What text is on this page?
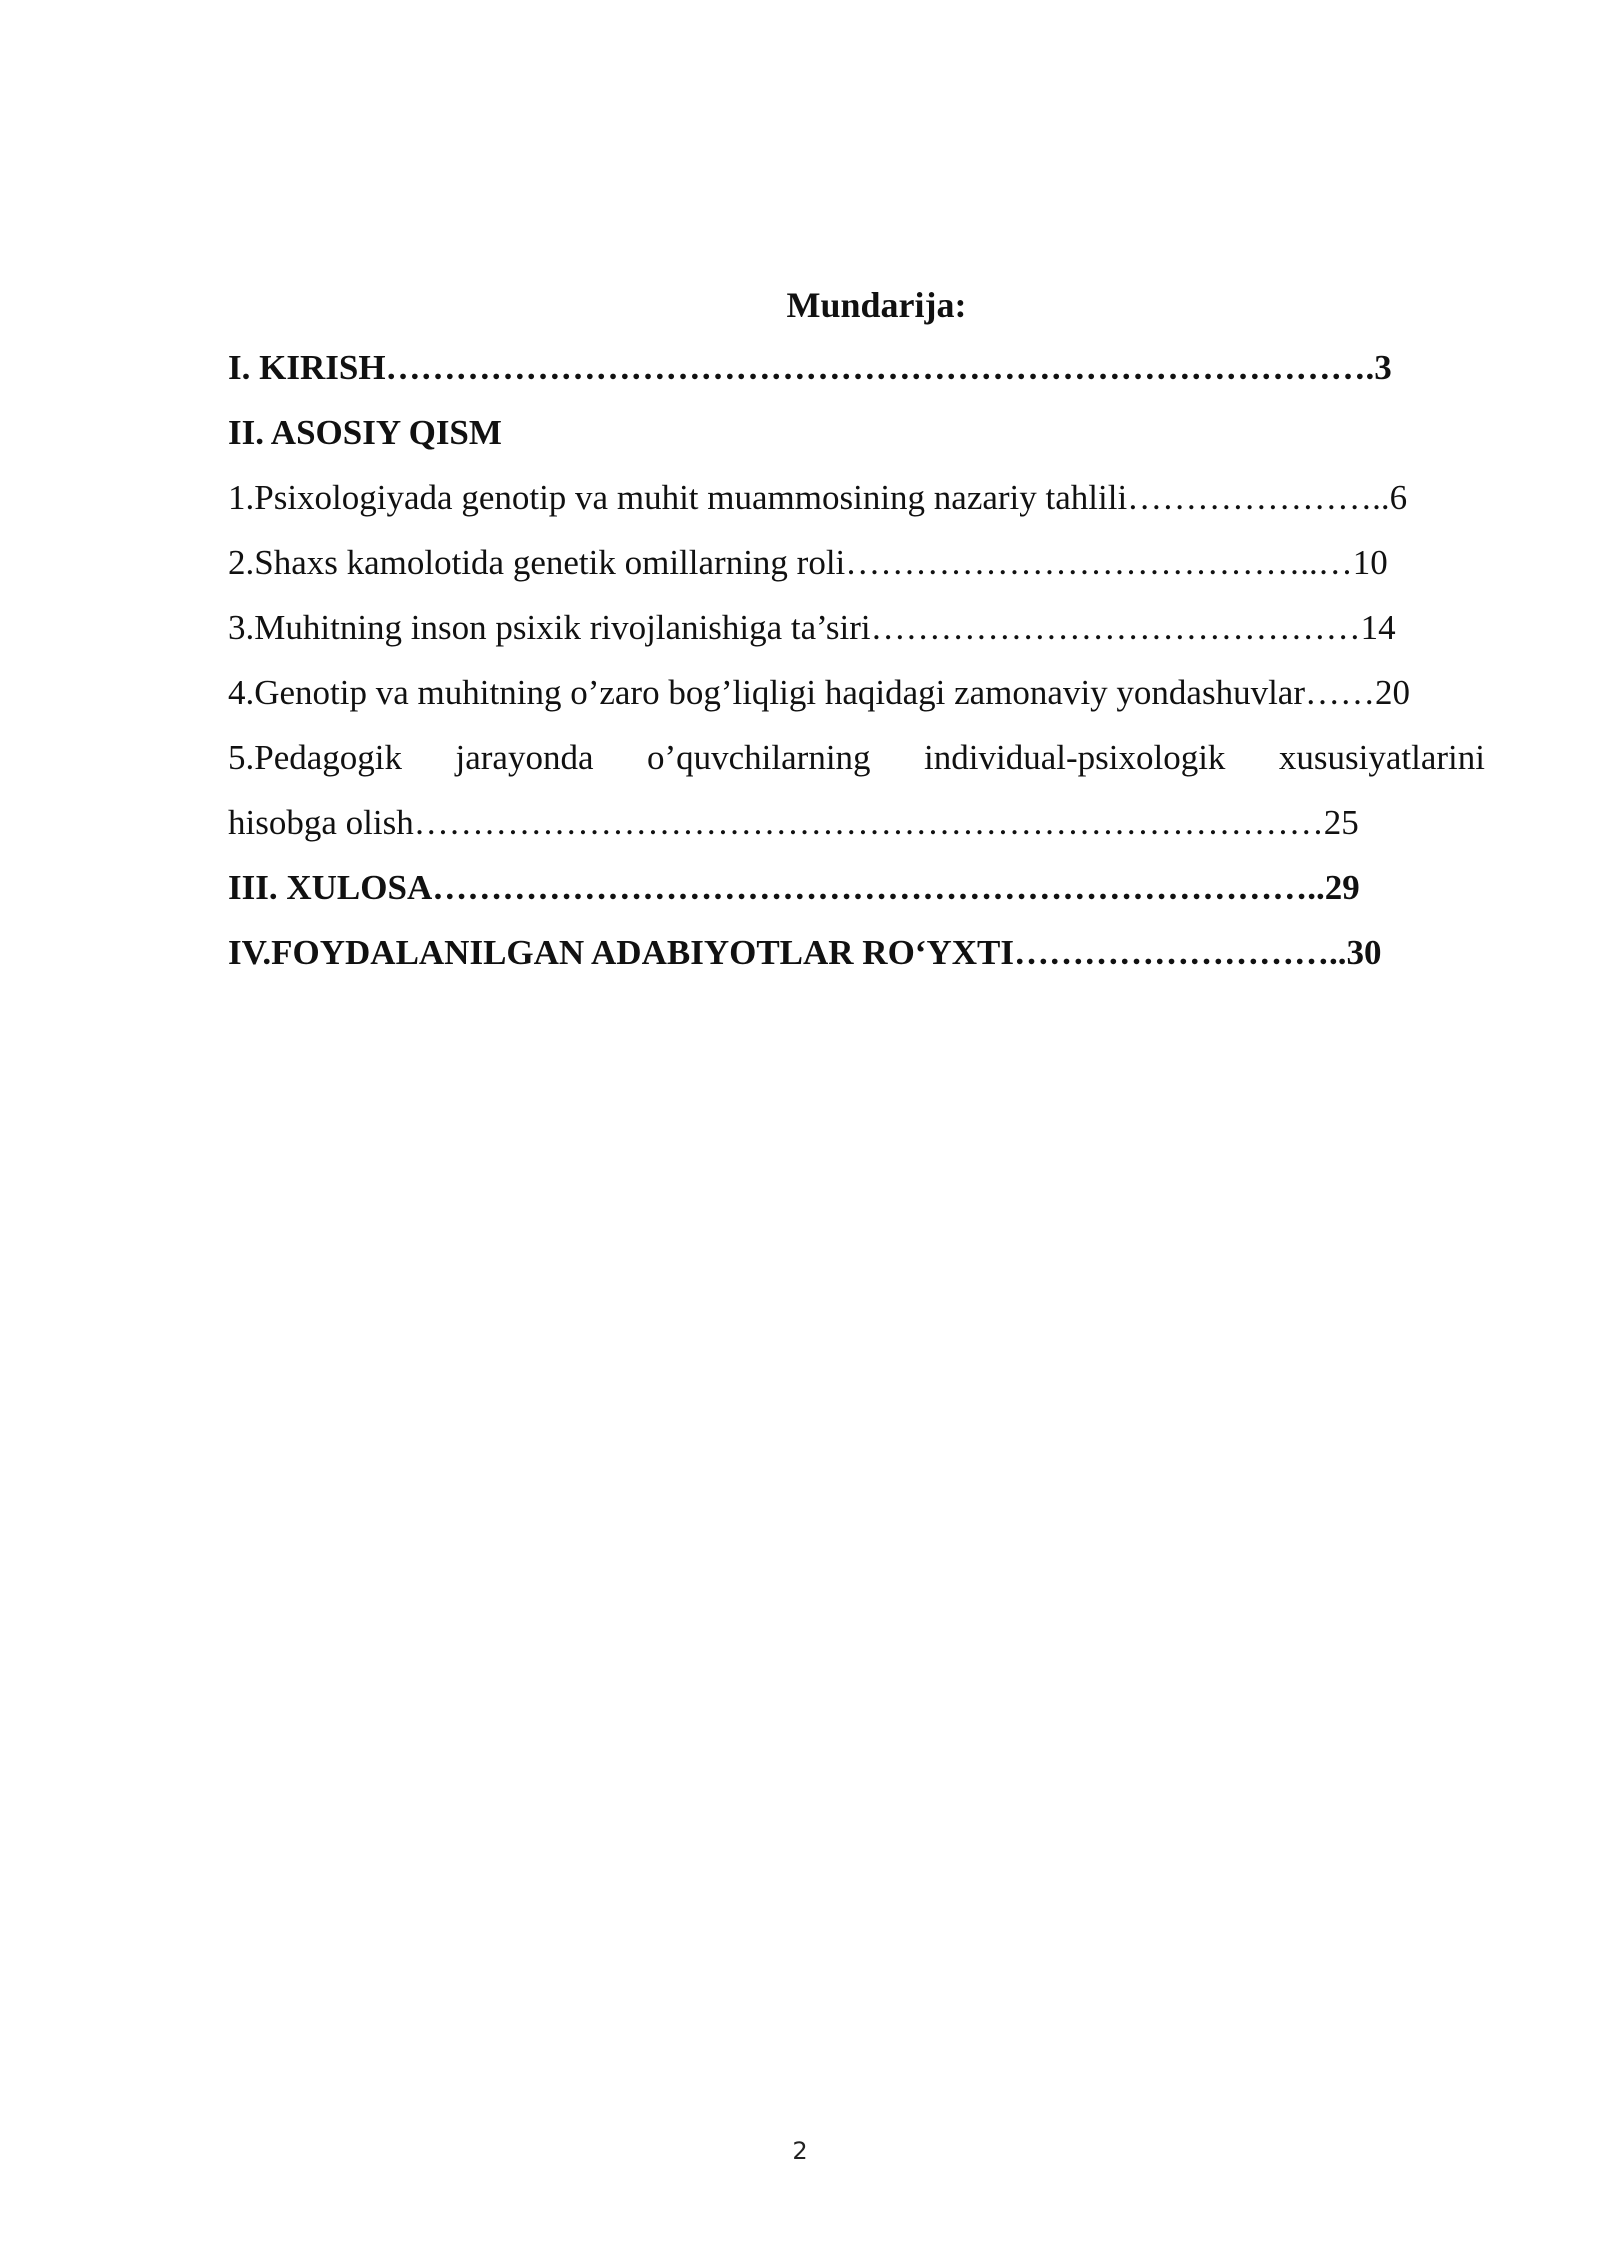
Mundarija:
I. KIRISH………………………………………………………………………….3
II. ASOSIY QISM
1.Psixologiyada genotip va muhit muammosining nazariy tahlili…………………..6
2.Shaxs kamolotida genetik omillarning roli…………………………………..…10
3.Muhitning inson psixik rivojlanishiga ta’siri……………………………………14
4.Genotip va muhitning o’zaro bog’liqligi haqidagi zamonaviy yondashuvlar……20
5.Pedagogik jarayonda o’quvchilarning individual-psixologik xususiyatlarini
hisobga olish……………………………………………………………………25
III. XULOSA…………………………………………………………………..29
IV.FOYDALANILGAN ADABIYOTLAR RO‘YXTI………………………..30
2
